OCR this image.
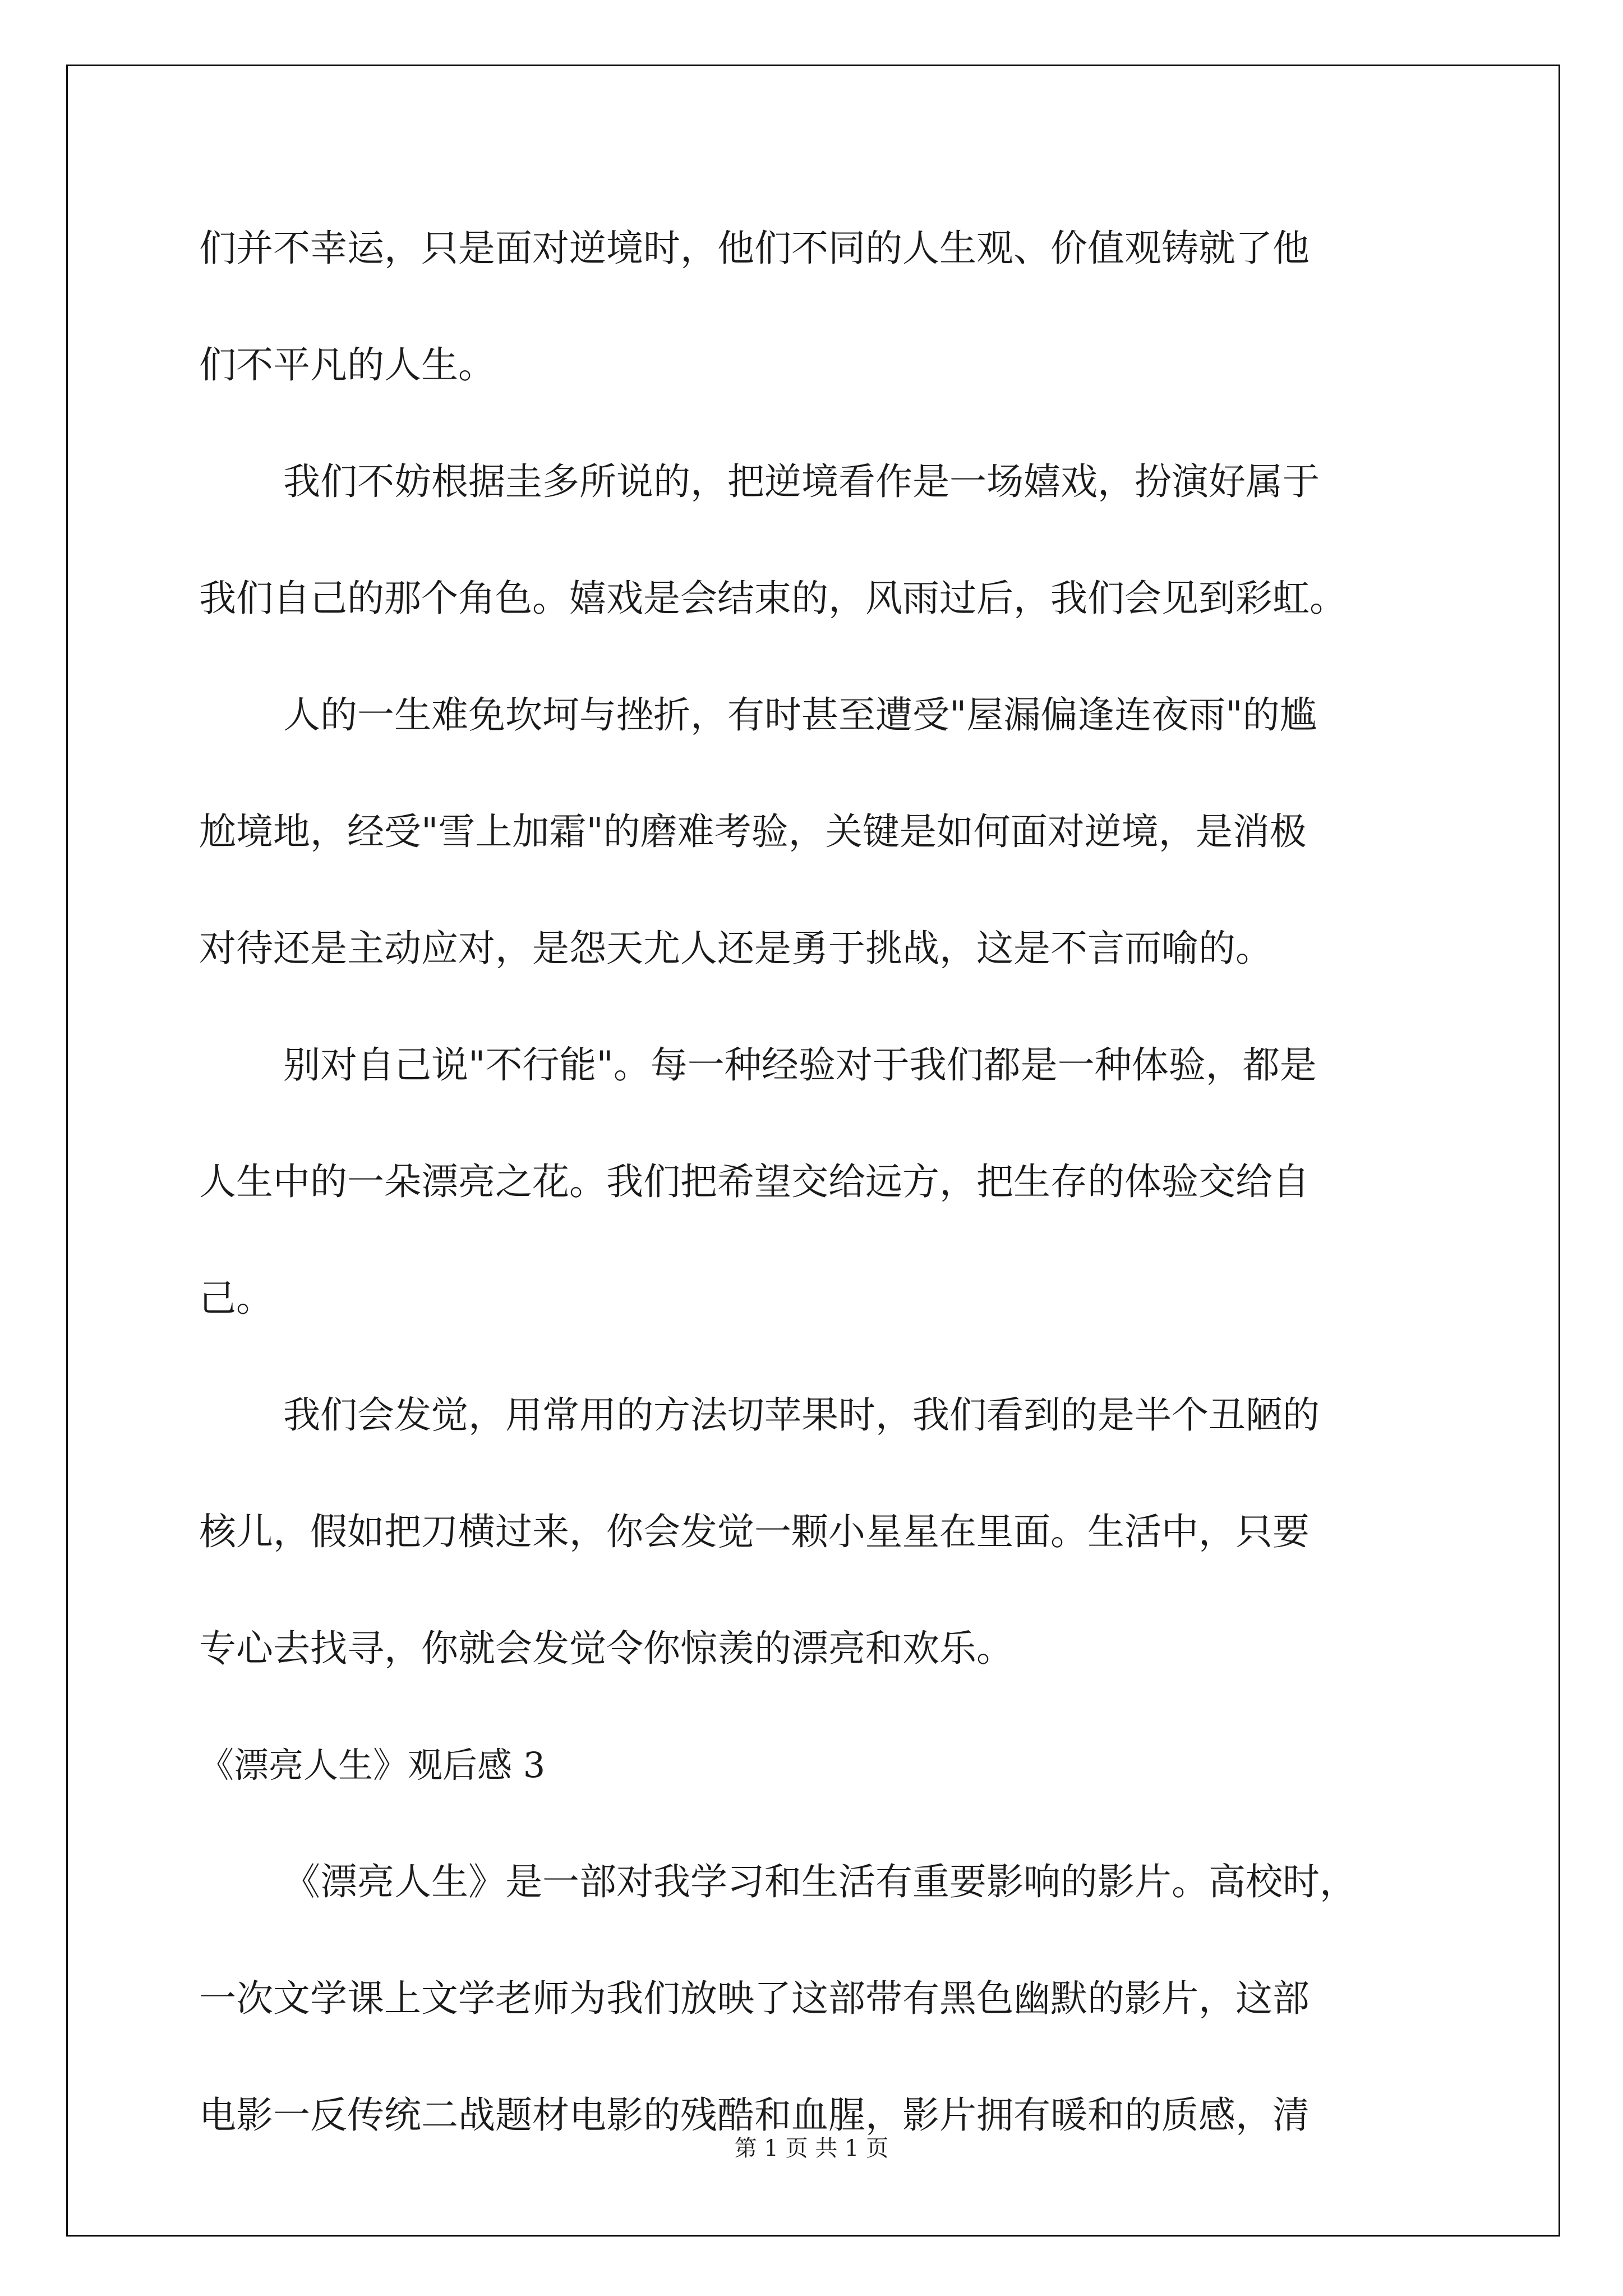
们并不幸运，只是面对逆境时，他们不同的人生观、价值观铸就了他
们不平凡的人生。
我们不妨根据圭多所说的，把逆境看作是一场嬉戏，扮演好属于
我们自己的那个角色。嬉戏是会结束的，风雨过后，我们会见到彩虹。
人的一生难免坎坷与挫折，有时甚至遭受"屋漏偏逢连夜雨"的尴
尬境地，经受"雪上加霜"的磨难考验，关键是如何面对逆境，是消极
对待还是主动应对，是怨天尤人还是勇于挑战，这是不言而喻的。
别对自己说"不行能"。每一种经验对于我们都是一种体验，都是
人生中的一朵漂亮之花。我们把希望交给远方，把生存的体验交给自
己。
我们会发觉，用常用的方法切苹果时，我们看到的是半个丑陋的
核儿，假如把刀横过来，你会发觉一颗小星星在里面。生活中，只要
专心去找寻，你就会发觉令你惊羡的漂亮和欢乐。
《漂亮人生》观后感 3
《漂亮人生》是一部对我学习和生活有重要影响的影片。高校时，
一次文学课上文学老师为我们放映了这部带有黑色幽默的影片，这部
电影一反传统二战题材电影的残酷和血腥，影片拥有暖和的质感，清
第 1 页 共 1 页
